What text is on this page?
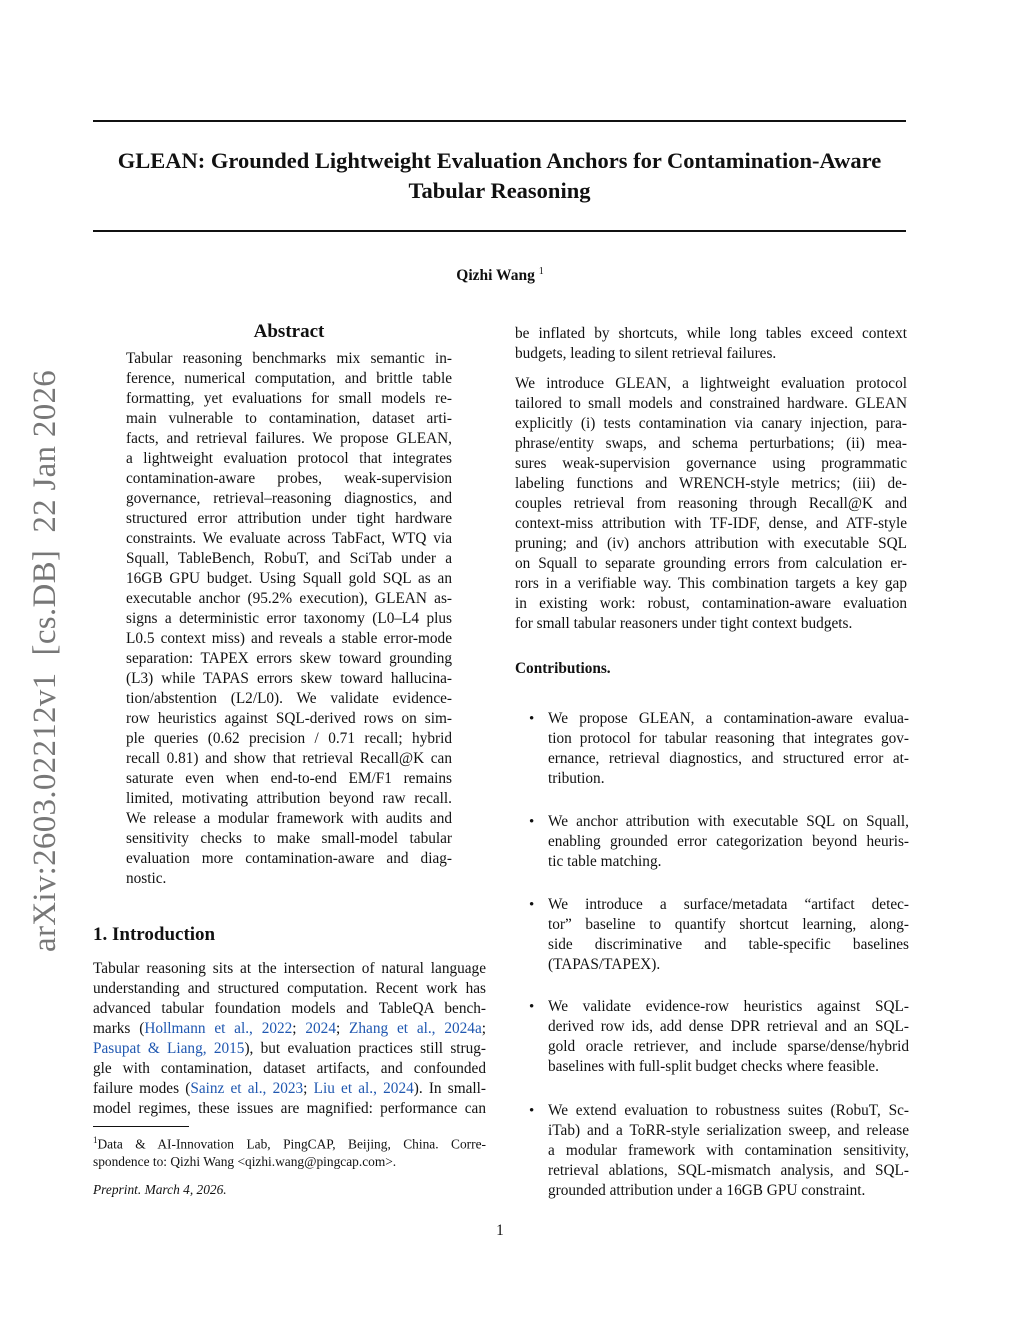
GLEAN: Grounded Lightweight Evaluation Anchors for Contamination-Aware
Tabular Reasoning
Qizhi Wang $^1$
arXiv:2603.02212v1  [cs.DB]  22 Jan 2026
Abstract
Tabular reasoning benchmarks mix semantic in-
ference, numerical computation, and brittle table
formatting, yet evaluations for small models re-
main vulnerable to contamination, dataset arti-
facts, and retrieval failures. We propose GLEAN,
a lightweight evaluation protocol that integrates
contamination-aware probes, weak-supervision
governance, retrieval–reasoning diagnostics, and
structured error attribution under tight hardware
constraints. We evaluate across TabFact, WTQ via
Squall, TableBench, RobuT, and SciTab under a
16GB GPU budget. Using Squall gold SQL as an
executable anchor (95.2% execution), GLEAN as-
signs a deterministic error taxonomy (L0–L4 plus
L0.5 context miss) and reveals a stable error-mode
separation: TAPEX errors skew toward grounding
(L3) while TAPAS errors skew toward hallucina-
tion/abstention (L2/L0). We validate evidence-
row heuristics against SQL-derived rows on sim-
ple queries (0.62 precision / 0.71 recall; hybrid
recall 0.81) and show that retrieval Recall@K can
saturate even when end-to-end EM/F1 remains
limited, motivating attribution beyond raw recall.
We release a modular framework with audits and
sensitivity checks to make small-model tabular
evaluation more contamination-aware and diag-
nostic.
1. Introduction
Tabular reasoning sits at the intersection of natural language
understanding and structured computation. Recent work has
advanced tabular foundation models and TableQA bench-
marks (Hollmann et al., 2022; 2024; Zhang et al., 2024a;
Pasupat & Liang, 2015), but evaluation practices still strug-
gle with contamination, dataset artifacts, and confounded
failure modes (Sainz et al., 2023; Liu et al., 2024). In small-
model regimes, these issues are magnified: performance can
$^1$Data & AI-Innovation Lab, PingCAP, Beijing, China. Corre-
spondence to: Qizhi Wang <qizhi.wang@pingcap.com>.
Preprint. March 4, 2026.
be inflated by shortcuts, while long tables exceed context
budgets, leading to silent retrieval failures.
We introduce GLEAN, a lightweight evaluation protocol
tailored to small models and constrained hardware. GLEAN
explicitly (i) tests contamination via canary injection, para-
phrase/entity swaps, and schema perturbations; (ii) mea-
sures weak-supervision governance using programmatic
labeling functions and WRENCH-style metrics; (iii) de-
couples retrieval from reasoning through Recall@K and
context-miss attribution with TF-IDF, dense, and ATF-style
pruning; and (iv) anchors attribution with executable SQL
on Squall to separate grounding errors from calculation er-
rors in a verifiable way. This combination targets a key gap
in existing work: robust, contamination-aware evaluation
for small tabular reasoners under tight context budgets.
Contributions.
• We propose GLEAN, a contamination-aware evalua-
tion protocol for tabular reasoning that integrates gov-
ernance, retrieval diagnostics, and structured error at-
tribution.
• We anchor attribution with executable SQL on Squall,
enabling grounded error categorization beyond heuris-
tic table matching.
• We introduce a surface/metadata “artifact detec-
tor” baseline to quantify shortcut learning, along-
side discriminative and table-specific baselines
(TAPAS/TAPEX).
• We validate evidence-row heuristics against SQL-
derived row ids, add dense DPR retrieval and an SQL-
gold oracle retriever, and include sparse/dense/hybrid
baselines with full-split budget checks where feasible.
• We extend evaluation to robustness suites (RobuT, Sc-
iTab) and a ToRR-style serialization sweep, and release
a modular framework with contamination sensitivity,
retrieval ablations, SQL-mismatch analysis, and SQL-
grounded attribution under a 16GB GPU constraint.
1
